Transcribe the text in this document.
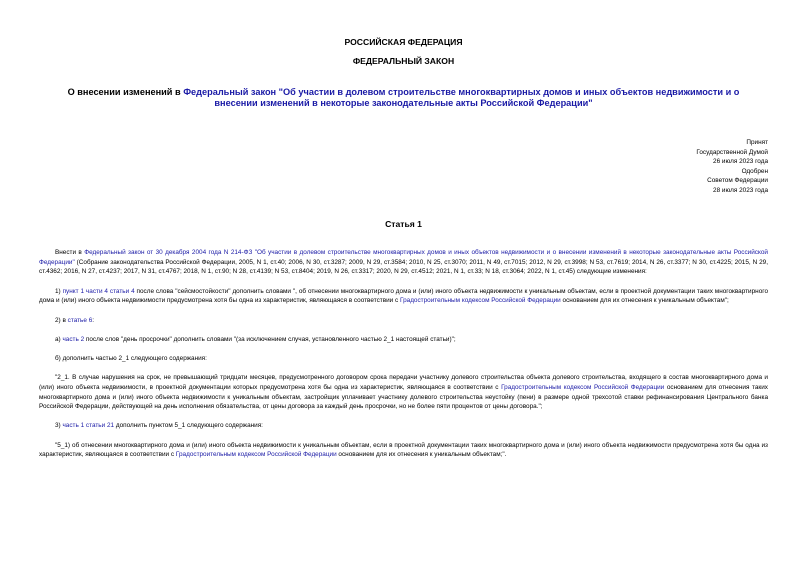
РОССИЙСКАЯ ФЕДЕРАЦИЯ
ФЕДЕРАЛЬНЫЙ ЗАКОН
О внесении изменений в Федеральный закон "Об участии в долевом строительстве многоквартирных домов и иных объектов недвижимости и о внесении изменений в некоторые законодательные акты Российской Федерации"
Принят
Государственной Думой
26 июля 2023 года
Одобрен
Советом Федерации
28 июля 2023 года
Статья 1

Внести в Федеральный закон от 30 декабря 2004 года N 214-ФЗ "Об участии в долевом строительстве многоквартирных домов и иных объектов недвижимости и о внесении изменений в некоторые законодательные акты Российской Федерации" (Собрание законодательства Российской Федерации, 2005, N 1, ст.40; 2006, N 30, ст.3287; 2009, N 29, ст.3584; 2010, N 25, ст.3070; 2011, N 49, ст.7015; 2012, N 29, ст.3998; N 53, ст.7619; 2014, N 26, ст.3377; N 30, ст.4225; 2015, N 29, ст.4362; 2016, N 27, ст.4237; 2017, N 31, ст.4767; 2018, N 1, ст.90; N 28, ст.4139; N 53, ст.8404; 2019, N 26, ст.3317; 2020, N 29, ст.4512; 2021, N 1, ст.33; N 18, ст.3064; 2022, N 1, ст.45) следующие изменения:

1) пункт 1 части 4 статьи 4 после слова "сейсмостойкости" дополнить словами ", об отнесении многоквартирного дома и (или) иного объекта недвижимости к уникальным объектам, если в проектной документации таких многоквартирного дома и (или) иного объекта недвижимости предусмотрена хотя бы одна из характеристик, являющаяся в соответствии с Градостроительным кодексом Российской Федерации основанием для их отнесения к уникальным объектам";

2) в статье 6:

а) часть 2 после слов "день просрочки" дополнить словами "(за исключением случая, установленного частью 2_1 настоящей статьи)";

б) дополнить частью 2_1 следующего содержания:

"2_1. В случае нарушения на срок, не превышающий тридцати месяцев, предусмотренного договором срока передачи участнику долевого строительства объекта долевого строительства, входящего в состав многоквартирного дома и (или) иного объекта недвижимости, в проектной документации которых предусмотрена хотя бы одна из характеристик, являющаяся в соответствии с Градостроительным кодексом Российской Федерации основанием для отнесения таких многоквартирного дома и (или) иного объекта недвижимости к уникальным объектам, застройщик уплачивает участнику долевого строительства неустойку (пени) в размере одной трехсотой ставки рефинансирования Центрального банка Российской Федерации, действующей на день исполнения обязательства, от цены договора за каждый день просрочки, но не более пяти процентов от цены договора.";

3) часть 1 статьи 21 дополнить пунктом 5_1 следующего содержания:

"5_1) об отнесении многоквартирного дома и (или) иного объекта недвижимости к уникальным объектам, если в проектной документации таких многоквартирного дома и (или) иного объекта недвижимости предусмотрена хотя бы одна из характеристик, являющаяся в соответствии с Градостроительным кодексом Российской Федерации основанием для их отнесения к уникальным объектам;".
